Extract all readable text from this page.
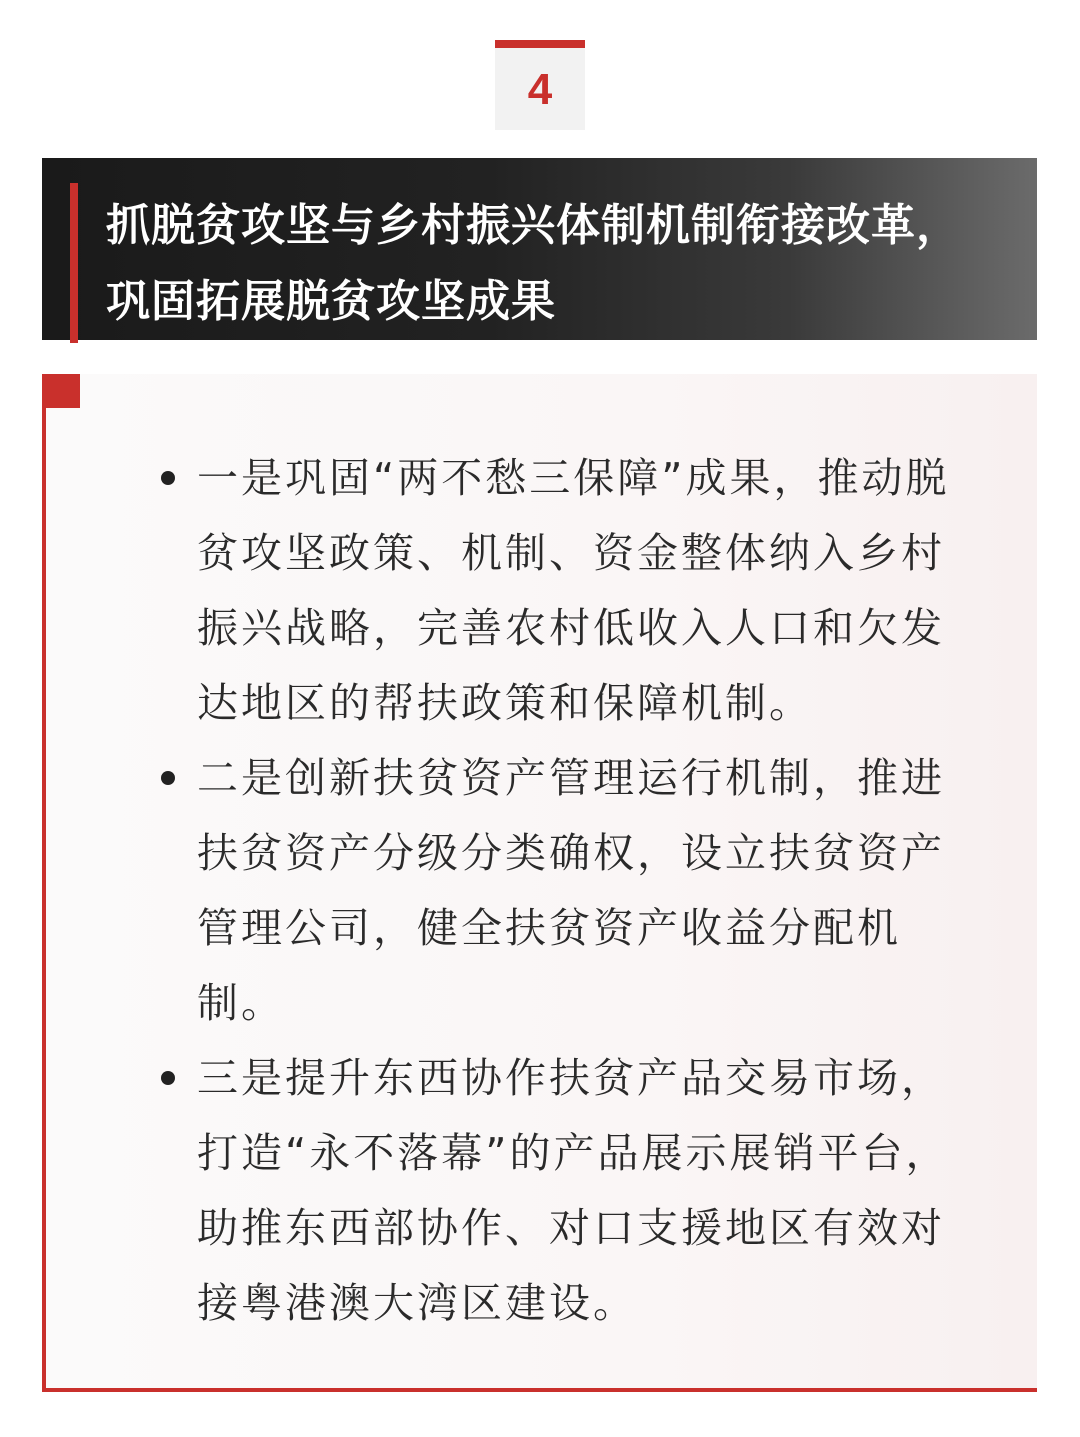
4
抓脱贫攻坚与乡村振兴体制机制衔接改革，
巩固拓展脱贫攻坚成果
一是巩固“两不愁三保障”成果，推动脱
贫攻坚政策、机制、资金整体纳入乡村
振兴战略，完善农村低收入人口和欠发
达地区的帮扶政策和保障机制。
二是创新扶贫资产管理运行机制，推进
扶贫资产分级分类确权，设立扶贫资产
管理公司，健全扶贫资产收益分配机
制。
三是提升东西协作扶贫产品交易市场，
打造“永不落幕”的产品展示展销平台，
助推东西部协作、对口支援地区有效对
接粤港澳大湾区建设。
